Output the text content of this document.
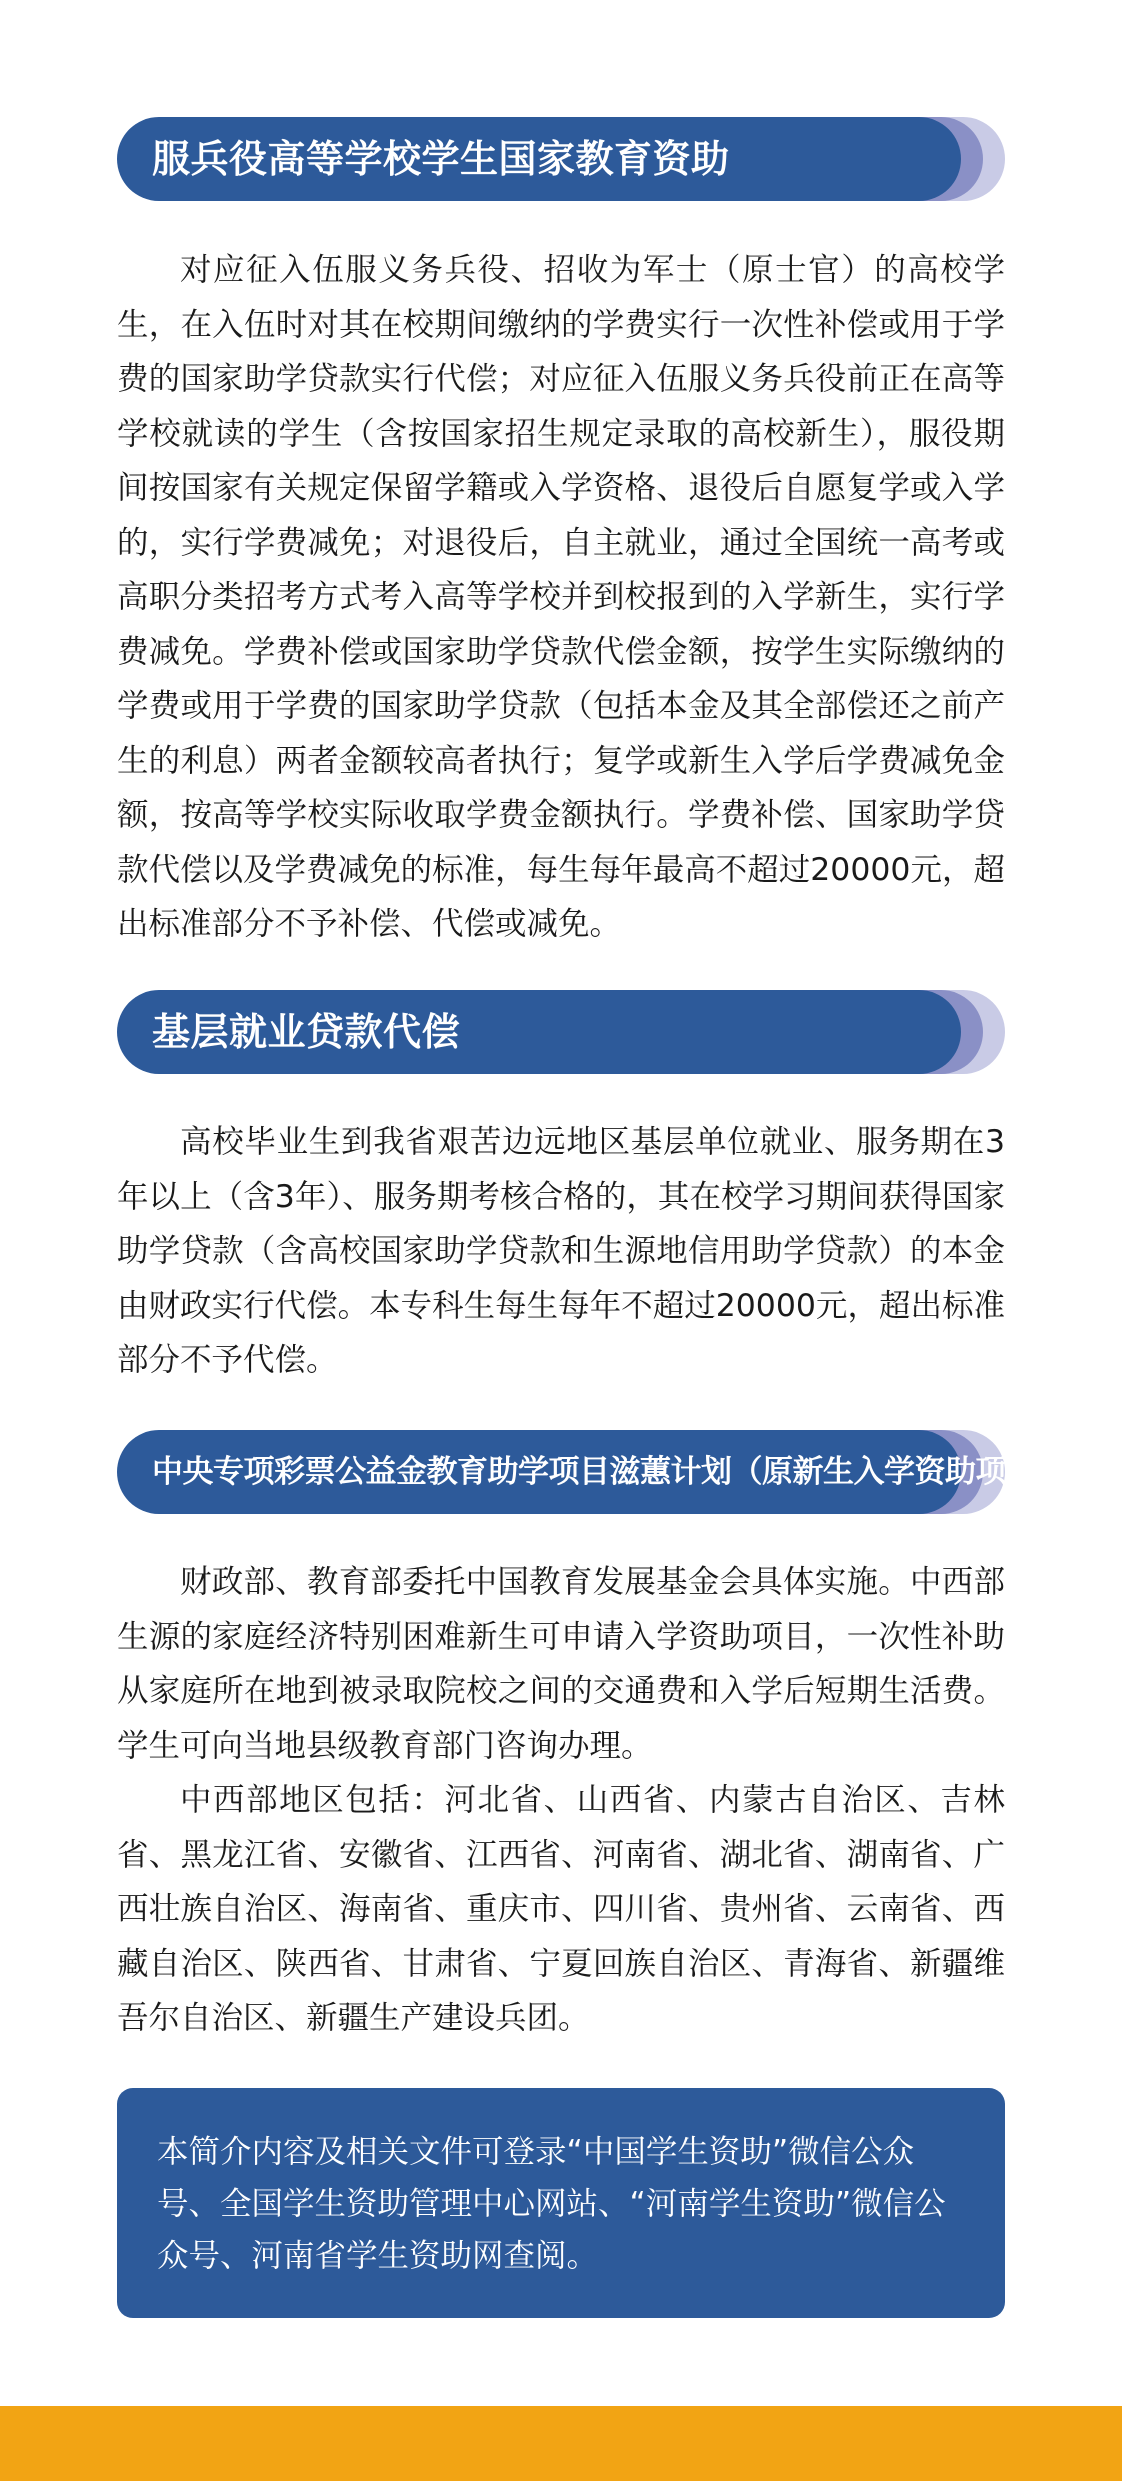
服兵役高等学校学生国家教育资助

对应征入伍服义务兵役、招收为军士（原士官）的高校学生，在入伍时对其在校期间缴纳的学费实行一次性补偿或用于学费的国家助学贷款实行代偿；对应征入伍服义务兵役前正在高等学校就读的学生（含按国家招生规定录取的高校新生），服役期间按国家有关规定保留学籍或入学资格、退役后自愿复学或入学的，实行学费减免；对退役后，自主就业，通过全国统一高考或高职分类招考方式考入高等学校并到校报到的入学新生，实行学费减免。学费补偿或国家助学贷款代偿金额，按学生实际缴纳的学费或用于学费的国家助学贷款（包括本金及其全部偿还之前产生的利息）两者金额较高者执行；复学或新生入学后学费减免金额，按高等学校实际收取学费金额执行。学费补偿、国家助学贷款代偿以及学费减免的标准，每生每年最高不超过20000元，超出标准部分不予补偿、代偿或减免。

基层就业贷款代偿

高校毕业生到我省艰苦边远地区基层单位就业、服务期在3年以上（含3年）、服务期考核合格的，其在校学习期间获得国家助学贷款（含高校国家助学贷款和生源地信用助学贷款）的本金由财政实行代偿。本专科生每生每年不超过20000元，超出标准部分不予代偿。

中央专项彩票公益金教育助学项目滋蕙计划（原新生入学资助项目）

财政部、教育部委托中国教育发展基金会具体实施。中西部生源的家庭经济特别困难新生可申请入学资助项目，一次性补助从家庭所在地到被录取院校之间的交通费和入学后短期生活费。学生可向当地县级教育部门咨询办理。

中西部地区包括：河北省、山西省、内蒙古自治区、吉林省、黑龙江省、安徽省、江西省、河南省、湖北省、湖南省、广西壮族自治区、海南省、重庆市、四川省、贵州省、云南省、西藏自治区、陕西省、甘肃省、宁夏回族自治区、青海省、新疆维吾尔自治区、新疆生产建设兵团。

本简介内容及相关文件可登录“中国学生资助”微信公众号、全国学生资助管理中心网站、“河南学生资助”微信公众号、河南省学生资助网查阅。
